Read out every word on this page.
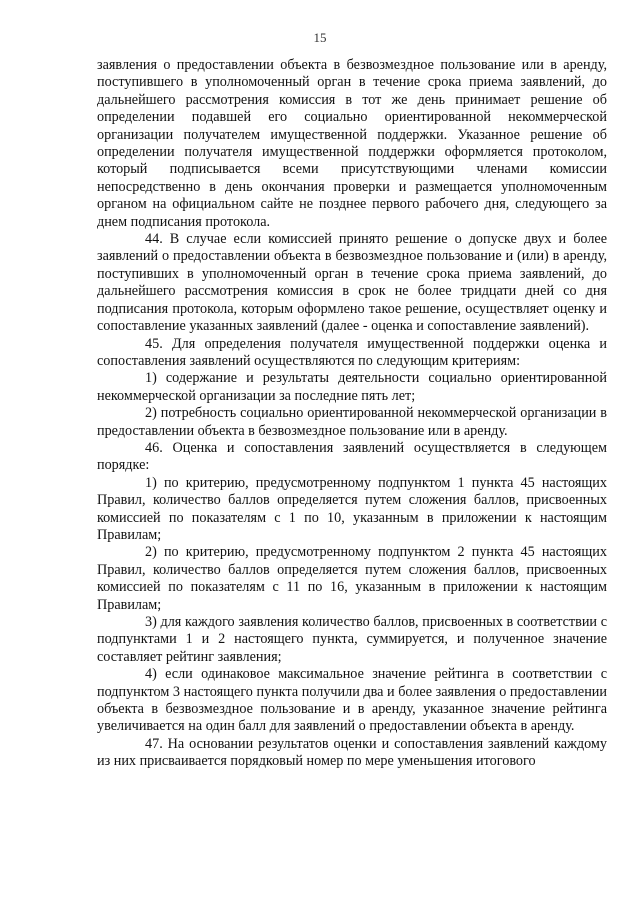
15

заявления о предоставлении объекта в безвозмездное пользование или в аренду, поступившего в уполномоченный орган в течение срока приема заявлений, до дальнейшего рассмотрения комиссия в тот же день принимает решение об определении подавшей его социально ориентированной некоммерческой организации получателем имущественной поддержки. Указанное решение об определении получателя имущественной поддержки оформляется протоколом, который подписывается всеми присутствующими членами комиссии непосредственно в день окончания проверки и размещается уполномоченным органом на официальном сайте не позднее первого рабочего дня, следующего за днем подписания протокола.

44. В случае если комиссией принято решение о допуске двух и более заявлений о предоставлении объекта в безвозмездное пользование и (или) в аренду, поступивших в уполномоченный орган в течение срока приема заявлений, до дальнейшего рассмотрения комиссия в срок не более тридцати дней со дня подписания протокола, которым оформлено такое решение, осуществляет оценку и сопоставление указанных заявлений (далее - оценка и сопоставление заявлений).

45. Для определения получателя имущественной поддержки оценка и сопоставления заявлений осуществляются по следующим критериям:

1) содержание и результаты деятельности социально ориентированной некоммерческой организации за последние пять лет;

2) потребность социально ориентированной некоммерческой организации в предоставлении объекта в безвозмездное пользование или в аренду.

46. Оценка и сопоставления заявлений осуществляется в следующем порядке:

1) по критерию, предусмотренному подпунктом 1 пункта 45 настоящих Правил, количество баллов определяется путем сложения баллов, присвоенных комиссией по показателям с 1 по 10, указанным в приложении к настоящим Правилам;

2) по критерию, предусмотренному подпунктом 2 пункта 45 настоящих Правил, количество баллов определяется путем сложения баллов, присвоенных комиссией по показателям с 11 по 16, указанным в приложении к настоящим Правилам;

3) для каждого заявления количество баллов, присвоенных в соответствии с подпунктами 1 и 2 настоящего пункта, суммируется, и полученное значение составляет рейтинг заявления;

4) если одинаковое максимальное значение рейтинга в соответствии с подпунктом 3 настоящего пункта получили два и более заявления о предоставлении объекта в безвозмездное пользование и в аренду, указанное значение рейтинга увеличивается на один балл для заявлений о предоставлении объекта в аренду.

47. На основании результатов оценки и сопоставления заявлений каждому из них присваивается порядковый номер по мере уменьшения итогового
